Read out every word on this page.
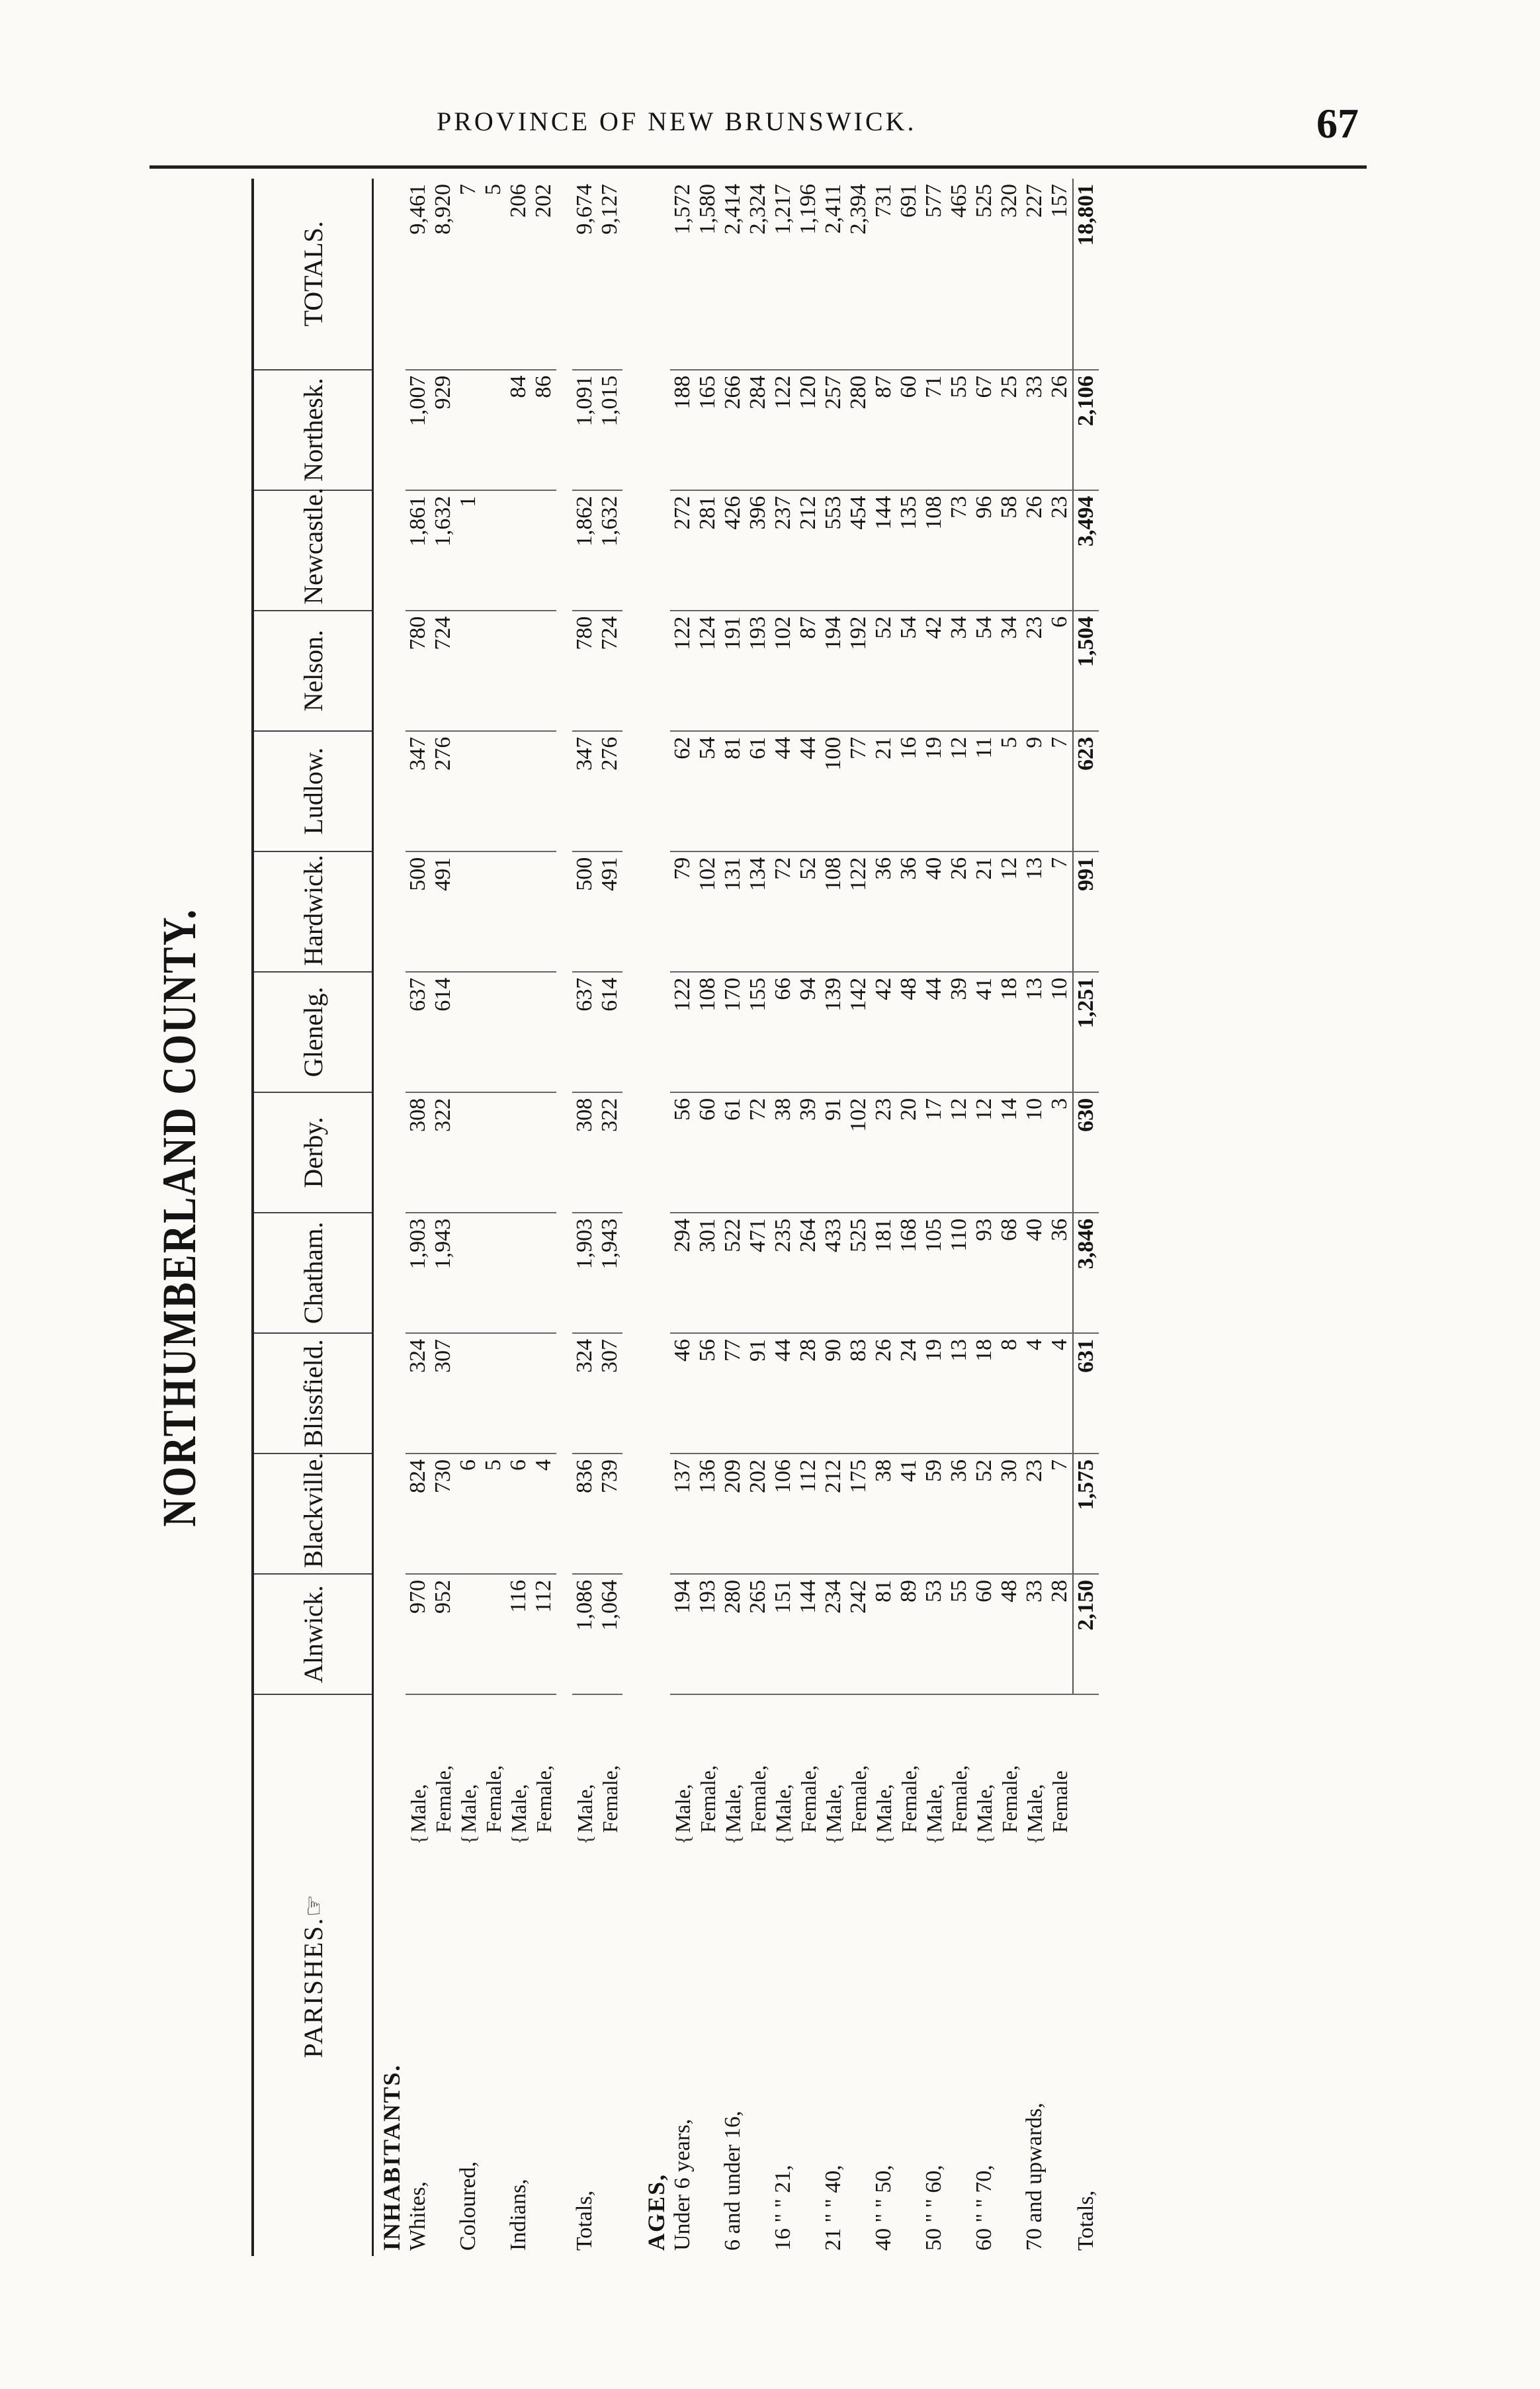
PROVINCE OF NEW BRUNSWICK.	67
NORTHUMBERLAND COUNTY.
PARISHES.☞		Alnwick.	Blackville.	Blissfield.	Chatham.	Derby.	Glenelg.	Hardwick.	Ludlow.	Nelson.	Newcastle.	Northesk.	TOTALS.
INHABITANTS.													
Whites,	{Male,	970	824	324	1,903	308	637	500	347	780	1,861	1,007	9,461
	Female,	952	730	307	1,943	322	614	491	276	724	1,632	929	8,920
Coloured,	{Male,		6								1		7
	Female,		5										5
Indians,	{Male,	116	6									84	206
	Female,	112	4									86	202

Totals,	{Male,	1,086	836	324	1,903	308	637	500	347	780	1,862	1,091	9,674
	Female,	1,064	739	307	1,943	322	614	491	276	724	1,632	1,015	9,127

AGES,													
Under 6 years,	{Male,	194	137	46	294	56	122	79	62	122	272	188	1,572
	Female,	193	136	56	301	60	108	102	54	124	281	165	1,580
6 and under 16,	{Male,	280	209	77	522	61	170	131	81	191	426	266	2,414
	Female,	265	202	91	471	72	155	134	61	193	396	284	2,324
16 " " 21,	{Male,	151	106	44	235	38	66	72	44	102	237	122	1,217
	Female,	144	112	28	264	39	94	52	44	87	212	120	1,196
21 " " 40,	{Male,	234	212	90	433	91	139	108	100	194	553	257	2,411
	Female,	242	175	83	525	102	142	122	77	192	454	280	2,394
40 " " 50,	{Male,	81	38	26	181	23	42	36	21	52	144	87	731
	Female,	89	41	24	168	20	48	36	16	54	135	60	691
50 " " 60,	{Male,	53	59	19	105	17	44	40	19	42	108	71	577
	Female,	55	36	13	110	12	39	26	12	34	73	55	465
60 " " 70,	{Male,	60	52	18	93	12	41	21	11	54	96	67	525
	Female,	48	30	8	68	14	18	12	5	34	58	25	320
70 and upwards,	{Male,	33	23	4	40	10	13	13	9	23	26	33	227
	Female	28	7	4	36	3	10	7	7	6	23	26	157
Totals,		2,150	1,575	631	3,846	630	1,251	991	623	1,504	3,494	2,106	18,801
